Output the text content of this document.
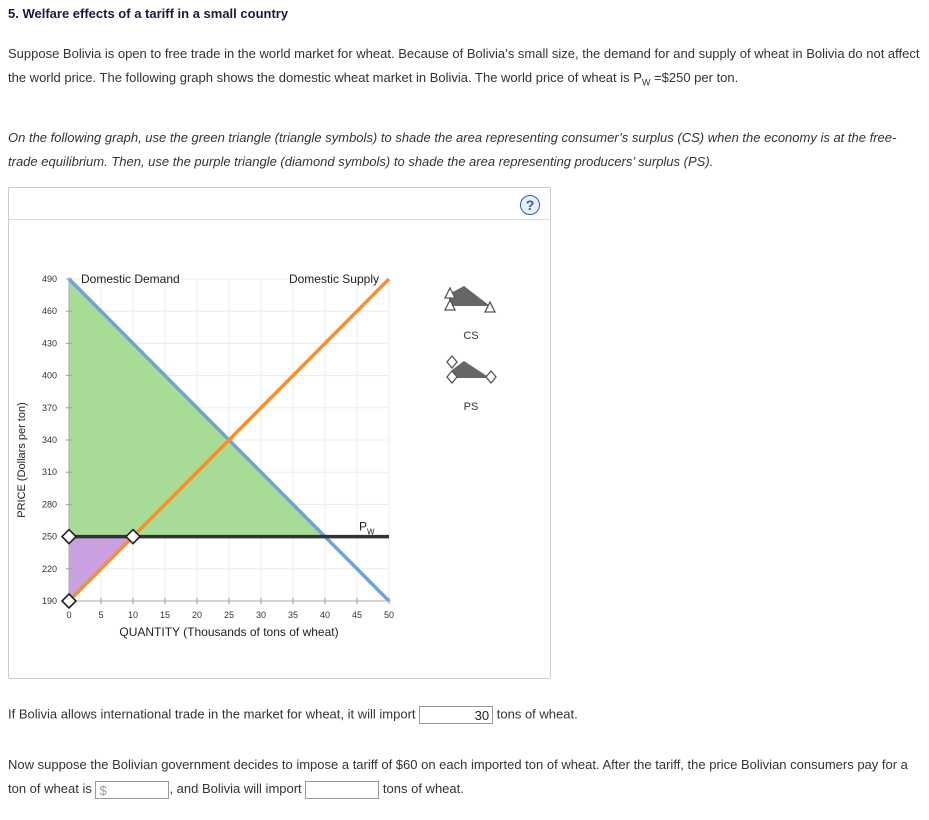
5. Welfare effects of a tariff in a small country
Suppose Bolivia is open to free trade in the world market for wheat. Because of Bolivia’s small size, the demand for and supply of wheat in Bolivia do not affect the world price. The following graph shows the domestic wheat market in Bolivia. The world price of wheat is $P_W$ =$250 per ton.
On the following graph, use the green triangle (triangle symbols) to shade the area representing consumer’s surplus (CS) when the economy is at the free-trade equilibrium. Then, use the purple triangle (diamond symbols) to shade the area representing producers’ surplus (PS).
?
0	5	10 15 20 25 30 35 40 45 50
190
220
250
280
310
340
370
400
430
460
490 Domestic Demand	Domestic Supply
$P_W$
QUANTITY (Thousands of tons of wheat)
PRICE (Dollars per ton)
CS
PS
If Bolivia allows international trade in the market for wheat, it will import	30 tons of wheat.
Now suppose the Bolivian government decides to impose a tariff of $60 on each imported ton of wheat. After the tariff, the price Bolivian consumers pay for a ton of wheat is $	, and Bolivia will import	tons of wheat.
